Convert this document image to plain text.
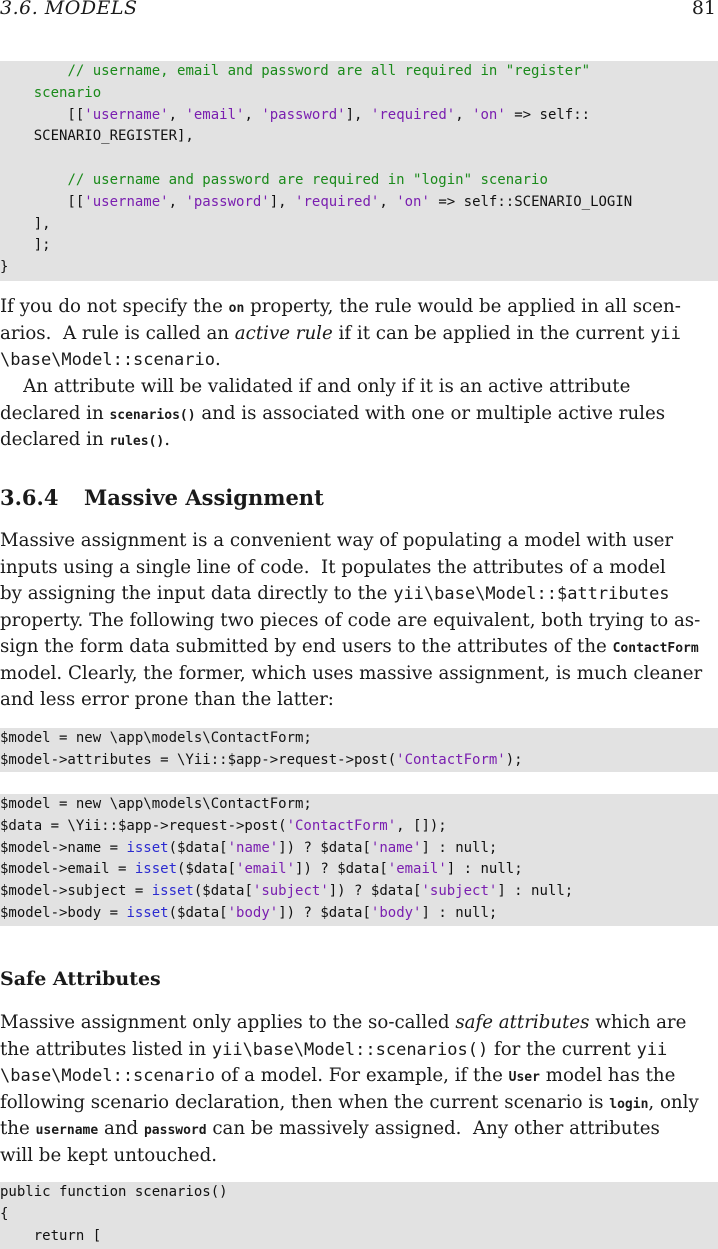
3.6. MODELS	81
// username, email and password are all required in "register"
scenario
[['username', 'email', 'password'], 'required', 'on' => self::
SCENARIO_REGISTER],

// username and password are required in "login" scenario
[['username', 'password'], 'required', 'on' => self::SCENARIO_LOGIN
],
];
}
If you do not specify the on property, the rule would be applied in all scen-
arios.  A rule is called an active rule if it can be applied in the current yii
\base\Model::scenario.
An attribute will be validated if and only if it is an active attribute
declared in scenarios() and is associated with one or multiple active rules
declared in rules().
3.6.4 Massive Assignment
Massive assignment is a convenient way of populating a model with user
inputs using a single line of code.  It populates the attributes of a model
by assigning the input data directly to the yii\base\Model::$attributes
property. The following two pieces of code are equivalent, both trying to as-
sign the form data submitted by end users to the attributes of the ContactForm
model. Clearly, the former, which uses massive assignment, is much cleaner
and less error prone than the latter:
$model = new \app\models\ContactForm;
$model->attributes = \Yii::$app->request->post('ContactForm');
$model = new \app\models\ContactForm;
$data = \Yii::$app->request->post('ContactForm', []);
$model->name = isset($data['name']) ? $data['name'] : null;
$model->email = isset($data['email']) ? $data['email'] : null;
$model->subject = isset($data['subject']) ? $data['subject'] : null;
$model->body = isset($data['body']) ? $data['body'] : null;
Safe Attributes
Massive assignment only applies to the so-called safe attributes which are
the attributes listed in yii\base\Model::scenarios() for the current yii
\base\Model::scenario of a model. For example, if the User model has the
following scenario declaration, then when the current scenario is login, only
the username and password can be massively assigned.  Any other attributes
will be kept untouched.
public function scenarios()
{
return [
